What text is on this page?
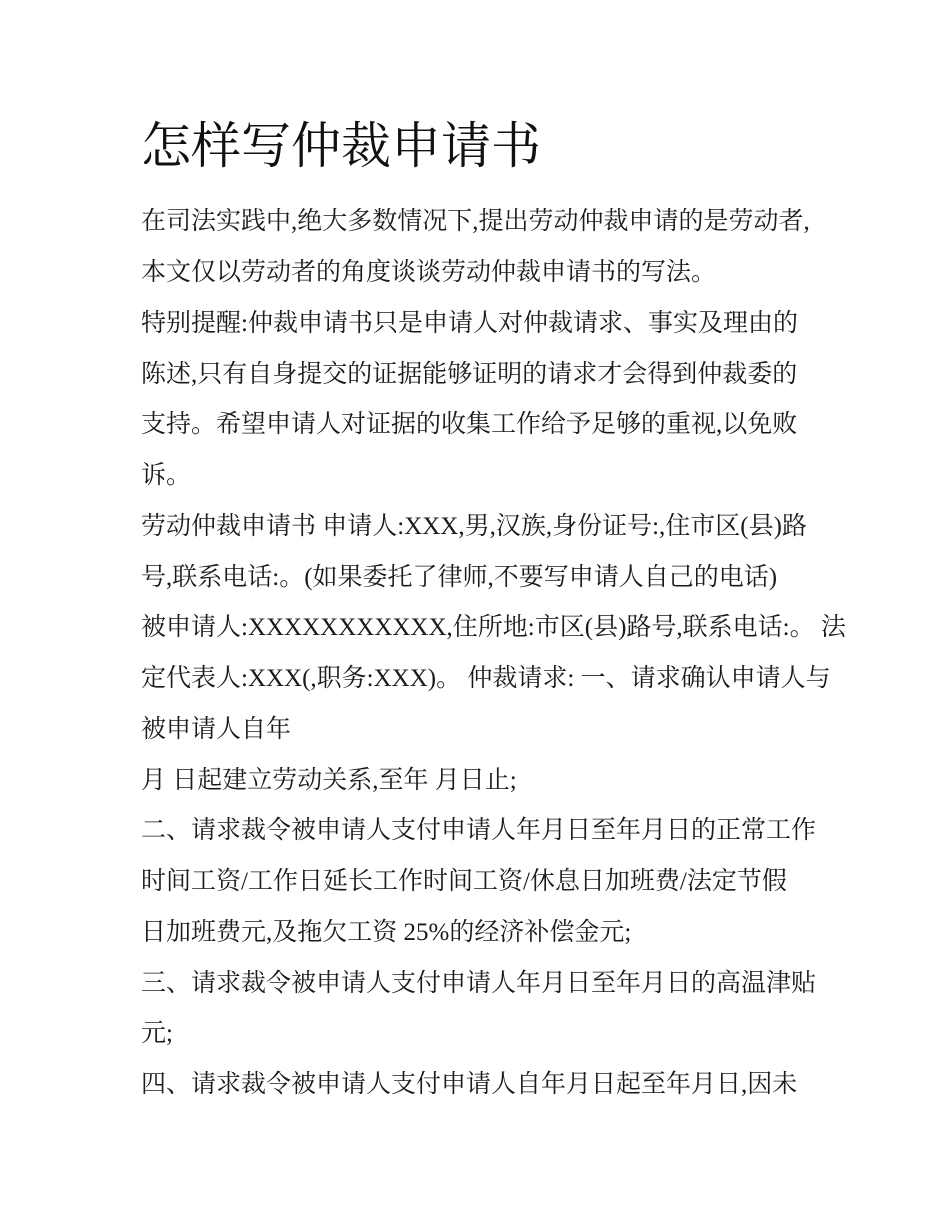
怎样写仲裁申请书

在司法实践中,绝大多数情况下,提出劳动仲裁申请的是劳动者,

本文仅以劳动者的角度谈谈劳动仲裁申请书的写法。

特别提醒:仲裁申请书只是申请人对仲裁请求、事实及理由的

陈述,只有自身提交的证据能够证明的请求才会得到仲裁委的

支持。希望申请人对证据的收集工作给予足够的重视,以免败

诉。

劳动仲裁申请书 申请人:XXX,男,汉族,身份证号:,住市区(县)路

号,联系电话:。(如果委托了律师,不要写申请人自己的电话)

被申请人:XXXXXXXXXXX,住所地:市区(县)路号,联系电话:。 法

定代表人:XXX(,职务:XXX)。 仲裁请求: 一、请求确认申请人与

被申请人自年

月 日起建立劳动关系,至年 月日止;

二、请求裁令被申请人支付申请人年月日至年月日的正常工作

时间工资/工作日延长工作时间工资/休息日加班费/法定节假

日加班费元,及拖欠工资 25%的经济补偿金元;

三、请求裁令被申请人支付申请人年月日至年月日的高温津贴

元;

四、请求裁令被申请人支付申请人自年月日起至年月日,因未
